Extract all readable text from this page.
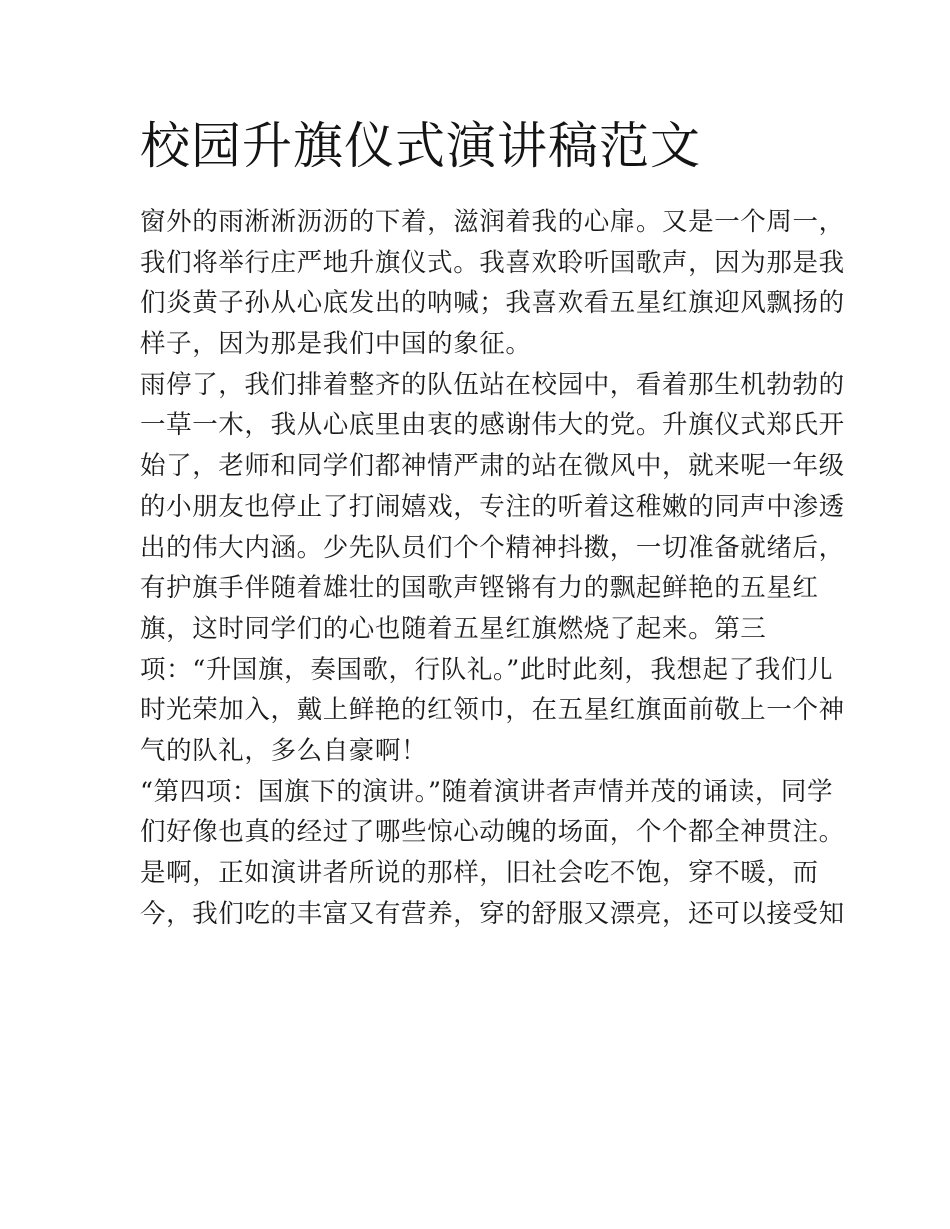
校园升旗仪式演讲稿范文
窗外的雨淅淅沥沥的下着，滋润着我的心扉。又是一个周一，
我们将举行庄严地升旗仪式。我喜欢聆听国歌声，因为那是我
们炎黄子孙从心底发出的呐喊；我喜欢看五星红旗迎风飘扬的
样子，因为那是我们中国的象征。
雨停了，我们排着整齐的队伍站在校园中，看着那生机勃勃的
一草一木，我从心底里由衷的感谢伟大的党。升旗仪式郑氏开
始了，老师和同学们都神情严肃的站在微风中，就来呢一年级
的小朋友也停止了打闹嬉戏，专注的听着这稚嫩的同声中渗透
出的伟大内涵。少先队员们个个精神抖擞，一切准备就绪后，
有护旗手伴随着雄壮的国歌声铿锵有力的飘起鲜艳的五星红
旗，这时同学们的心也随着五星红旗燃烧了起来。第三
项：“升国旗，奏国歌，行队礼。”此时此刻，我想起了我们儿
时光荣加入，戴上鲜艳的红领巾，在五星红旗面前敬上一个神
气的队礼，多么自豪啊！
“第四项：国旗下的演讲。”随着演讲者声情并茂的诵读，同学
们好像也真的经过了哪些惊心动魄的场面，个个都全神贯注。
是啊，正如演讲者所说的那样，旧社会吃不饱，穿不暖，而
今，我们吃的丰富又有营养，穿的舒服又漂亮，还可以接受知
